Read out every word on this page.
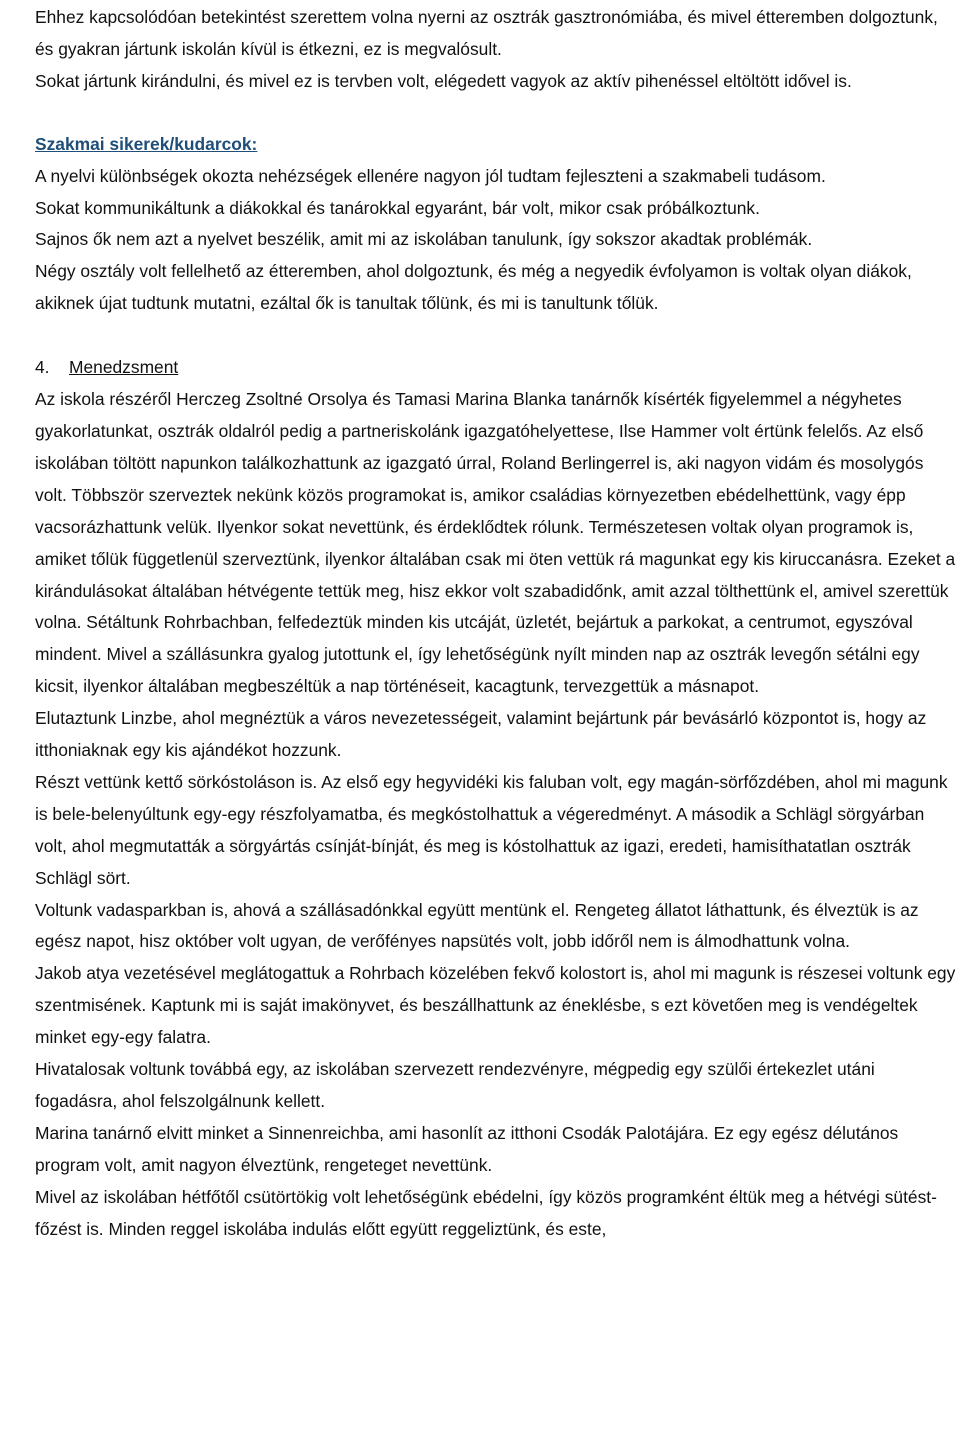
Ehhez kapcsolódóan betekintést szerettem volna nyerni az osztrák gasztronómiába, és mivel étteremben dolgoztunk, és gyakran jártunk iskolán kívül is étkezni, ez is megvalósult.

Sokat jártunk kirándulni, és mivel ez is tervben volt, elégedett vagyok az aktív pihenéssel eltöltött idővel is.

Szakmai sikerek/kudarcok:

A nyelvi különbségek okozta nehézségek ellenére nagyon jól tudtam fejleszteni a szakmabeli tudásom.

Sokat kommunikáltunk a diákokkal és tanárokkal egyaránt, bár volt, mikor csak próbálkoztunk.

Sajnos ők nem azt a nyelvet beszélik, amit mi az iskolában tanulunk, így sokszor akadtak problémák.

Négy osztály volt fellelhető az étteremben, ahol dolgoztunk, és még a negyedik évfolyamon is voltak olyan diákok, akiknek újat tudtunk mutatni, ezáltal ők is tanultak tőlünk, és mi is tanultunk tőlük.

4. Menedzsment

Az iskola részéről Herczeg Zsoltné Orsolya és Tamasi Marina Blanka tanárnők kísérték figyelemmel a négyhetes gyakorlatunkat, osztrák oldalról pedig a partneriskolánk igazgatóhelyettese, Ilse Hammer volt értünk felelős. Az első iskolában töltött napunkon találkozhattunk az igazgató úrral, Roland Berlingerrel is, aki nagyon vidám és mosolygós volt. Többször szerveztek nekünk közös programokat is, amikor családias környezetben ebédelhettünk, vagy épp vacsorázhattunk velük. Ilyenkor sokat nevettünk, és érdeklődtek rólunk. Természetesen voltak olyan programok is, amiket tőlük függetlenül szerveztünk, ilyenkor általában csak mi öten vettük rá magunkat egy kis kiruccanásra. Ezeket a kirándulásokat általában hétvégente tettük meg, hisz ekkor volt szabadidőnk, amit azzal tölthettünk el, amivel szerettük volna. Sétáltunk Rohrbachban, felfedeztük minden kis utcáját, üzletét, bejártuk a parkokat, a centrumot, egyszóval mindent. Mivel a szállásunkra gyalog jutottunk el, így lehetőségünk nyílt minden nap az osztrák levegőn sétálni egy kicsit, ilyenkor általában megbeszéltük a nap történéseit, kacagtunk, tervezgettük a másnapot.

Elutaztunk Linzbe, ahol megnéztük a város nevezetességeit, valamint bejártunk pár bevásárló központot is, hogy az itthoniaknak egy kis ajándékot hozzunk.

Részt vettünk kettő sörkóstoláson is. Az első egy hegyvidéki kis faluban volt, egy magán-sörfőzdében, ahol mi magunk is bele-belenyúltunk egy-egy részfolyamatba, és megkóstolhattuk a végeredményt. A második a Schlägl sörgyárban volt, ahol megmutatták a sörgyártás csínját-bínját, és meg is kóstolhattuk az igazi, eredeti, hamisíthatatlan osztrák Schlägl sört.

Voltunk vadasparkban is, ahová a szállásadónkkal együtt mentünk el. Rengeteg állatot láthattunk, és élveztük is az egész napot, hisz október volt ugyan, de verőfényes napsütés volt, jobb időről nem is álmodhattunk volna.

Jakob atya vezetésével meglátogattuk a Rohrbach közelében fekvő kolostort is, ahol mi magunk is részesei voltunk egy szentmisének. Kaptunk mi is saját imakönyvet, és beszállhattunk az éneklésbe, s ezt követően meg is vendégeltek minket egy-egy falatra.

Hivatalosak voltunk továbbá egy, az iskolában szervezett rendezvényre, mégpedig egy szülői értekezlet utáni fogadásra, ahol felszolgálnunk kellett.

Marina tanárnő elvitt minket a Sinnenreichba, ami hasonlít az itthoni Csodák Palotájára. Ez egy egész délutános program volt, amit nagyon élveztünk, rengeteget nevettünk.

Mivel az iskolában hétfőtől csütörtökig volt lehetőségünk ebédelni, így közös programként éltük meg a hétvégi sütést-főzést is. Minden reggel iskolába indulás előtt együtt reggeliztünk, és este,
